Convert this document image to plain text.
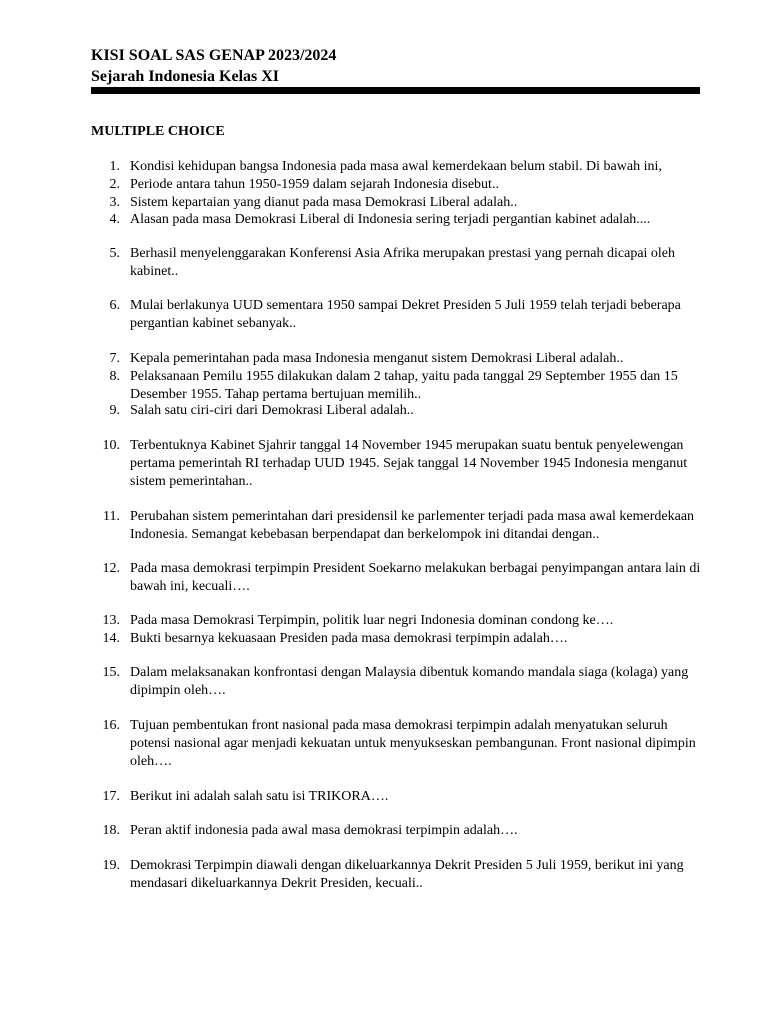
KISI SOAL SAS GENAP 2023/2024

Sejarah Indonesia Kelas XI

MULTIPLE CHOICE

1. Kondisi kehidupan bangsa Indonesia pada masa awal kemerdekaan belum stabil. Di bawah ini,
2. Periode antara tahun 1950-1959 dalam sejarah Indonesia disebut..
3. Sistem kepartaian yang dianut pada masa Demokrasi Liberal adalah..
4. Alasan pada masa Demokrasi Liberal di Indonesia sering terjadi pergantian kabinet adalah....
5. Berhasil menyelenggarakan Konferensi Asia Afrika merupakan prestasi yang pernah dicapai oleh kabinet..
6. Mulai berlakunya UUD sementara 1950 sampai Dekret Presiden 5 Juli 1959 telah terjadi beberapa pergantian kabinet sebanyak..
7. Kepala pemerintahan pada masa Indonesia menganut sistem Demokrasi Liberal adalah..
8. Pelaksanaan Pemilu 1955 dilakukan dalam 2 tahap, yaitu pada tanggal 29 September 1955 dan 15 Desember 1955. Tahap pertama bertujuan memilih..
9. Salah satu ciri-ciri dari Demokrasi Liberal adalah..
10. Terbentuknya Kabinet Sjahrir tanggal 14 November 1945 merupakan suatu bentuk penyelewengan pertama pemerintah RI terhadap UUD 1945. Sejak tanggal 14 November 1945 Indonesia menganut sistem pemerintahan..
11. Perubahan sistem pemerintahan dari presidensil ke parlementer terjadi pada masa awal kemerdekaan Indonesia. Semangat kebebasan berpendapat dan berkelompok ini ditandai dengan..
12. Pada masa demokrasi terpimpin President Soekarno melakukan berbagai penyimpangan antara lain di bawah ini, kecuali….
13. Pada masa Demokrasi Terpimpin, politik luar negri Indonesia dominan condong ke….
14. Bukti besarnya kekuasaan Presiden pada masa demokrasi terpimpin adalah….
15. Dalam melaksanakan konfrontasi dengan Malaysia dibentuk komando mandala siaga (kolaga) yang dipimpin oleh….
16. Tujuan pembentukan front nasional pada masa demokrasi terpimpin adalah menyatukan seluruh potensi nasional agar menjadi kekuatan untuk menyukseskan pembangunan. Front nasional dipimpin oleh….
17. Berikut ini adalah salah satu isi TRIKORA….
18. Peran aktif indonesia pada awal masa demokrasi terpimpin adalah….
19. Demokrasi Terpimpin diawali dengan dikeluarkannya Dekrit Presiden 5 Juli 1959, berikut ini yang mendasari dikeluarkannya Dekrit Presiden, kecuali..
